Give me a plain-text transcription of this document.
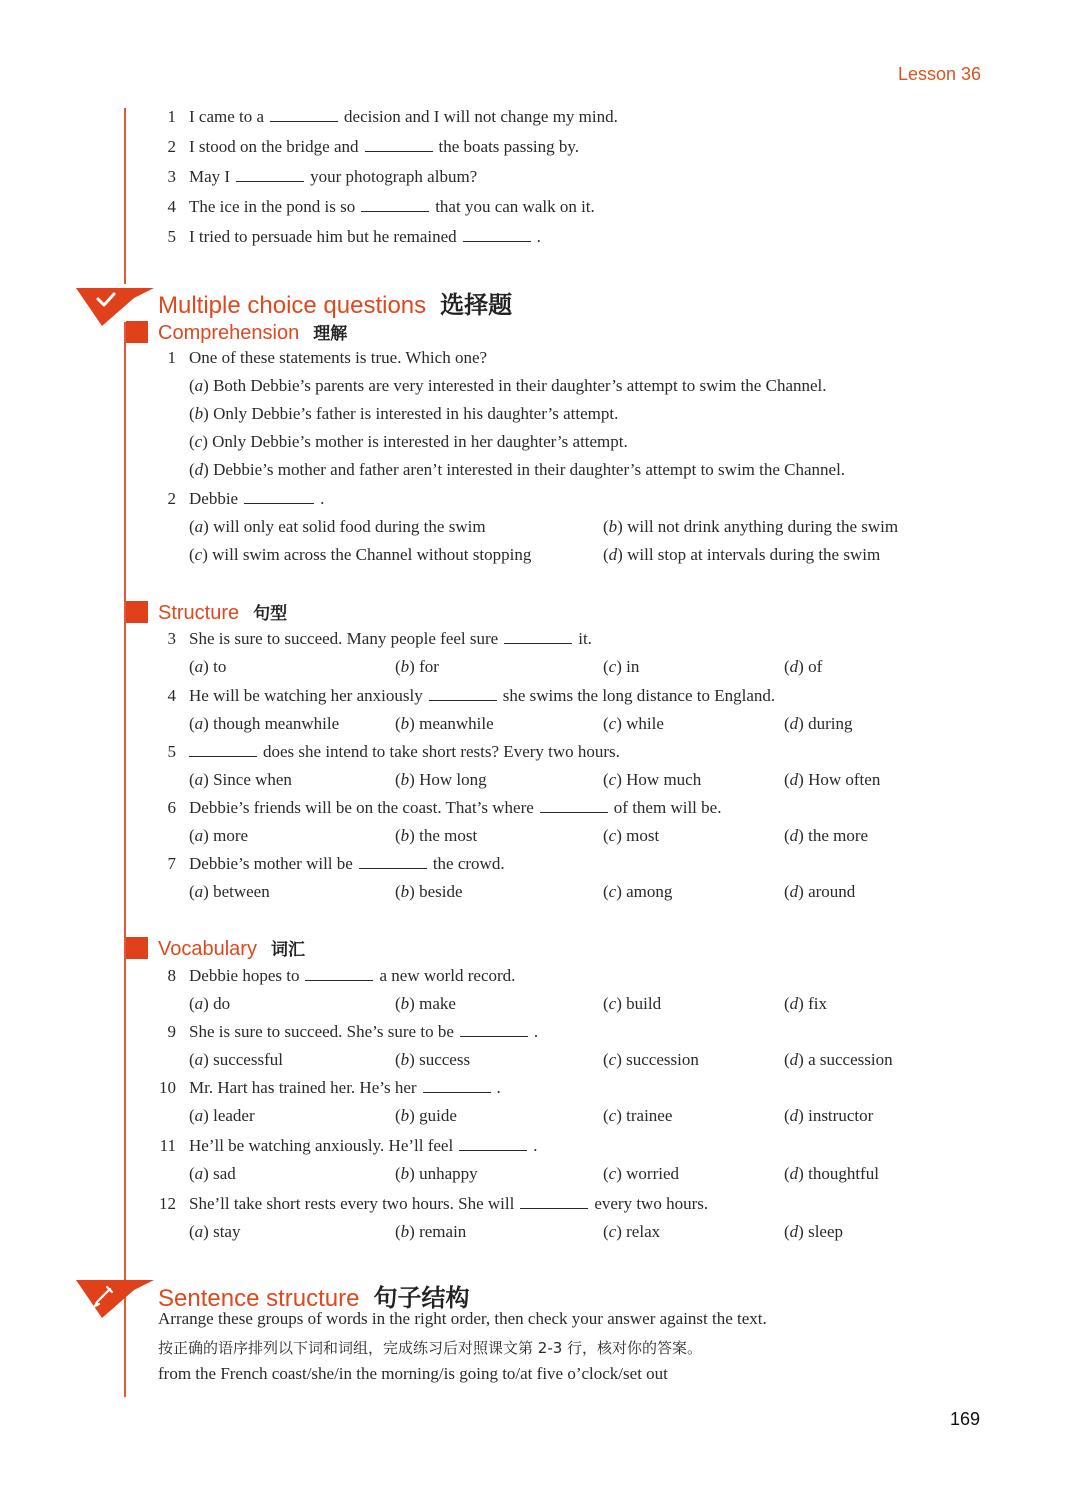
Lesson 36
1 I came to a	decision and I will not change my mind.
2 I stood on the bridge and	the boats passing by.
3 May I	your photograph album?
4 The ice in the pond is so	that you can walk on it.
5 I tried to persuade him but he remained	.
Multiple choice questions 选择题
Comprehension 理解
1 One of these statements is true. Which one?
(a) Both Debbie’s parents are very interested in their daughter’s attempt to swim the Channel.
(b) Only Debbie’s father is interested in his daughter’s attempt.
(c) Only Debbie’s mother is interested in her daughter’s attempt.
(d) Debbie’s mother and father aren’t interested in their daughter’s attempt to swim the Channel.
2 Debbie	.
(a) will only eat solid food during the swim	(b) will not drink anything during the swim
(c) will swim across the Channel without stopping	(d) will stop at intervals during the swim
Structure 句型
3 She is sure to succeed. Many people feel sure	it.
(a) to	(b) for	(c) in	(d) of
4 He will be watching her anxiously	she swims the long distance to England.
(a) though meanwhile	(b) meanwhile	(c) while	(d) during
5	does she intend to take short rests? Every two hours.
(a) Since when	(b) How long	(c) How much	(d) How often
6 Debbie’s friends will be on the coast. That’s where	of them will be.
(a) more	(b) the most	(c) most	(d) the more
7 Debbie’s mother will be	the crowd.
(a) between	(b) beside	(c) among	(d) around
Vocabulary 词汇
8 Debbie hopes to	a new world record.
(a) do	(b) make	(c) build	(d) fix
9 She is sure to succeed. She’s sure to be	.
(a) successful	(b) success	(c) succession	(d) a succession
10 Mr. Hart has trained her. He’s her	.
(a) leader	(b) guide	(c) trainee	(d) instructor
11 He’ll be watching anxiously. He’ll feel	.
(a) sad	(b) unhappy	(c) worried	(d) thoughtful
12 She’ll take short rests every two hours. She will	every two hours.
(a) stay	(b) remain	(c) relax	(d) sleep
Sentence structure 句子结构
Arrange these groups of words in the right order, then check your answer against the text.
按正确的语序排列以下词和词组，完成练习后对照课文第 2-3 行，核对你的答案。
from the French coast/she/in the morning/is going to/at five o’clock/set out
169
